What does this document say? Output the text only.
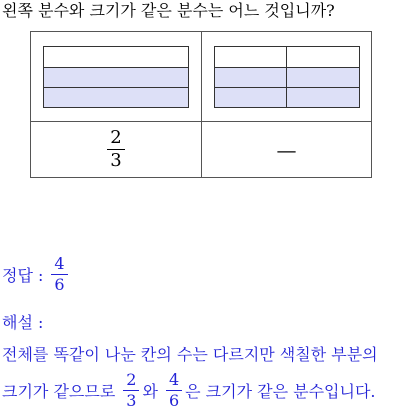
왼쪽 분수와 크기가 같은 분수는 어느 것입니까?

$\frac{2}{3}$	—
정답 : $\frac{4}{6}$
해설 :
전체를 똑같이 나눈 칸의 수는 다르지만 색칠한 부분의
크기가 같으므로 $\frac{2}{3}$ 와 $\frac{4}{6}$ 은 크기가 같은 분수입니다.
